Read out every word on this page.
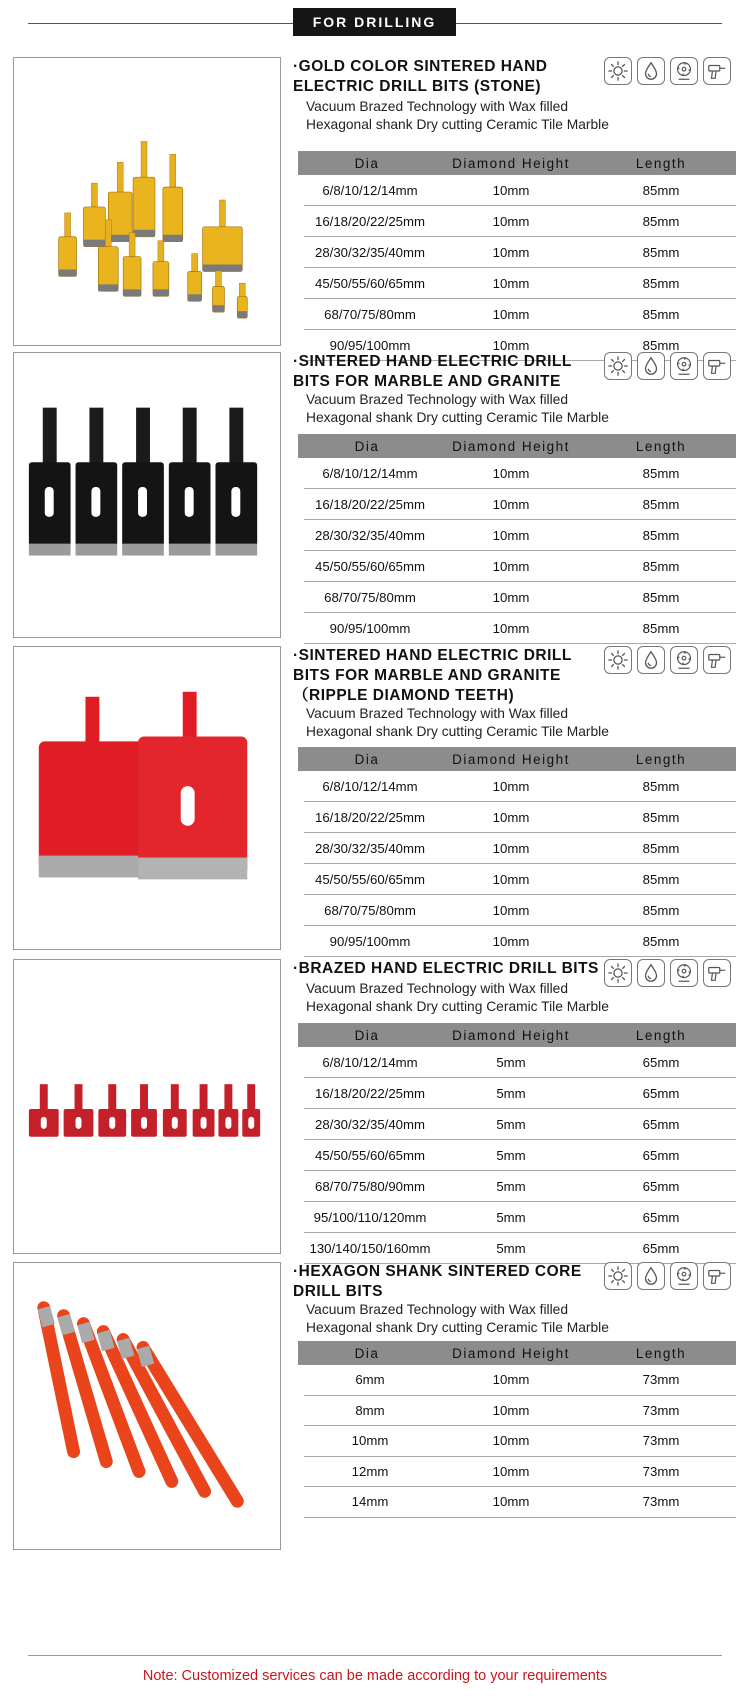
FOR DRILLING
·GOLD COLOR SINTERED HAND ELECTRIC DRILL BITS (STONE)
Vacuum Brazed Technology with Wax filled
Hexagonal shank Dry cutting Ceramic Tile Marble
Dia	Diamond Height	Length
6/8/10/12/14mm	10mm	85mm
16/18/20/22/25mm	10mm	85mm
28/30/32/35/40mm	10mm	85mm
45/50/55/60/65mm	10mm	85mm
68/70/75/80mm	10mm	85mm
90/95/100mm	10mm	85mm
·SINTERED HAND ELECTRIC DRILL BITS FOR MARBLE AND GRANITE
Vacuum Brazed Technology with Wax filled
Hexagonal shank Dry cutting Ceramic Tile Marble
Dia	Diamond Height	Length
6/8/10/12/14mm	10mm	85mm
16/18/20/22/25mm	10mm	85mm
28/30/32/35/40mm	10mm	85mm
45/50/55/60/65mm	10mm	85mm
68/70/75/80mm	10mm	85mm
90/95/100mm	10mm	85mm
·SINTERED HAND ELECTRIC DRILL BITS FOR MARBLE AND GRANITE （RIPPLE DIAMOND TEETH)
Vacuum Brazed Technology with Wax filled
Hexagonal shank Dry cutting Ceramic Tile Marble
Dia	Diamond Height	Length
6/8/10/12/14mm	10mm	85mm
16/18/20/22/25mm	10mm	85mm
28/30/32/35/40mm	10mm	85mm
45/50/55/60/65mm	10mm	85mm
68/70/75/80mm	10mm	85mm
90/95/100mm	10mm	85mm
·BRAZED HAND ELECTRIC DRILL BITS
Vacuum Brazed Technology with Wax filled
Hexagonal shank Dry cutting Ceramic Tile Marble
Dia	Diamond Height	Length
6/8/10/12/14mm	5mm	65mm
16/18/20/22/25mm	5mm	65mm
28/30/32/35/40mm	5mm	65mm
45/50/55/60/65mm	5mm	65mm
68/70/75/80/90mm	5mm	65mm
95/100/110/120mm	5mm	65mm
130/140/150/160mm	5mm	65mm
·HEXAGON SHANK SINTERED CORE DRILL BITS
Vacuum Brazed Technology with Wax filled
Hexagonal shank Dry cutting Ceramic Tile Marble
Dia	Diamond Height	Length
6mm	10mm	73mm
8mm	10mm	73mm
10mm	10mm	73mm
12mm	10mm	73mm
14mm	10mm	73mm
Note: Customized services can be made according to your requirements
